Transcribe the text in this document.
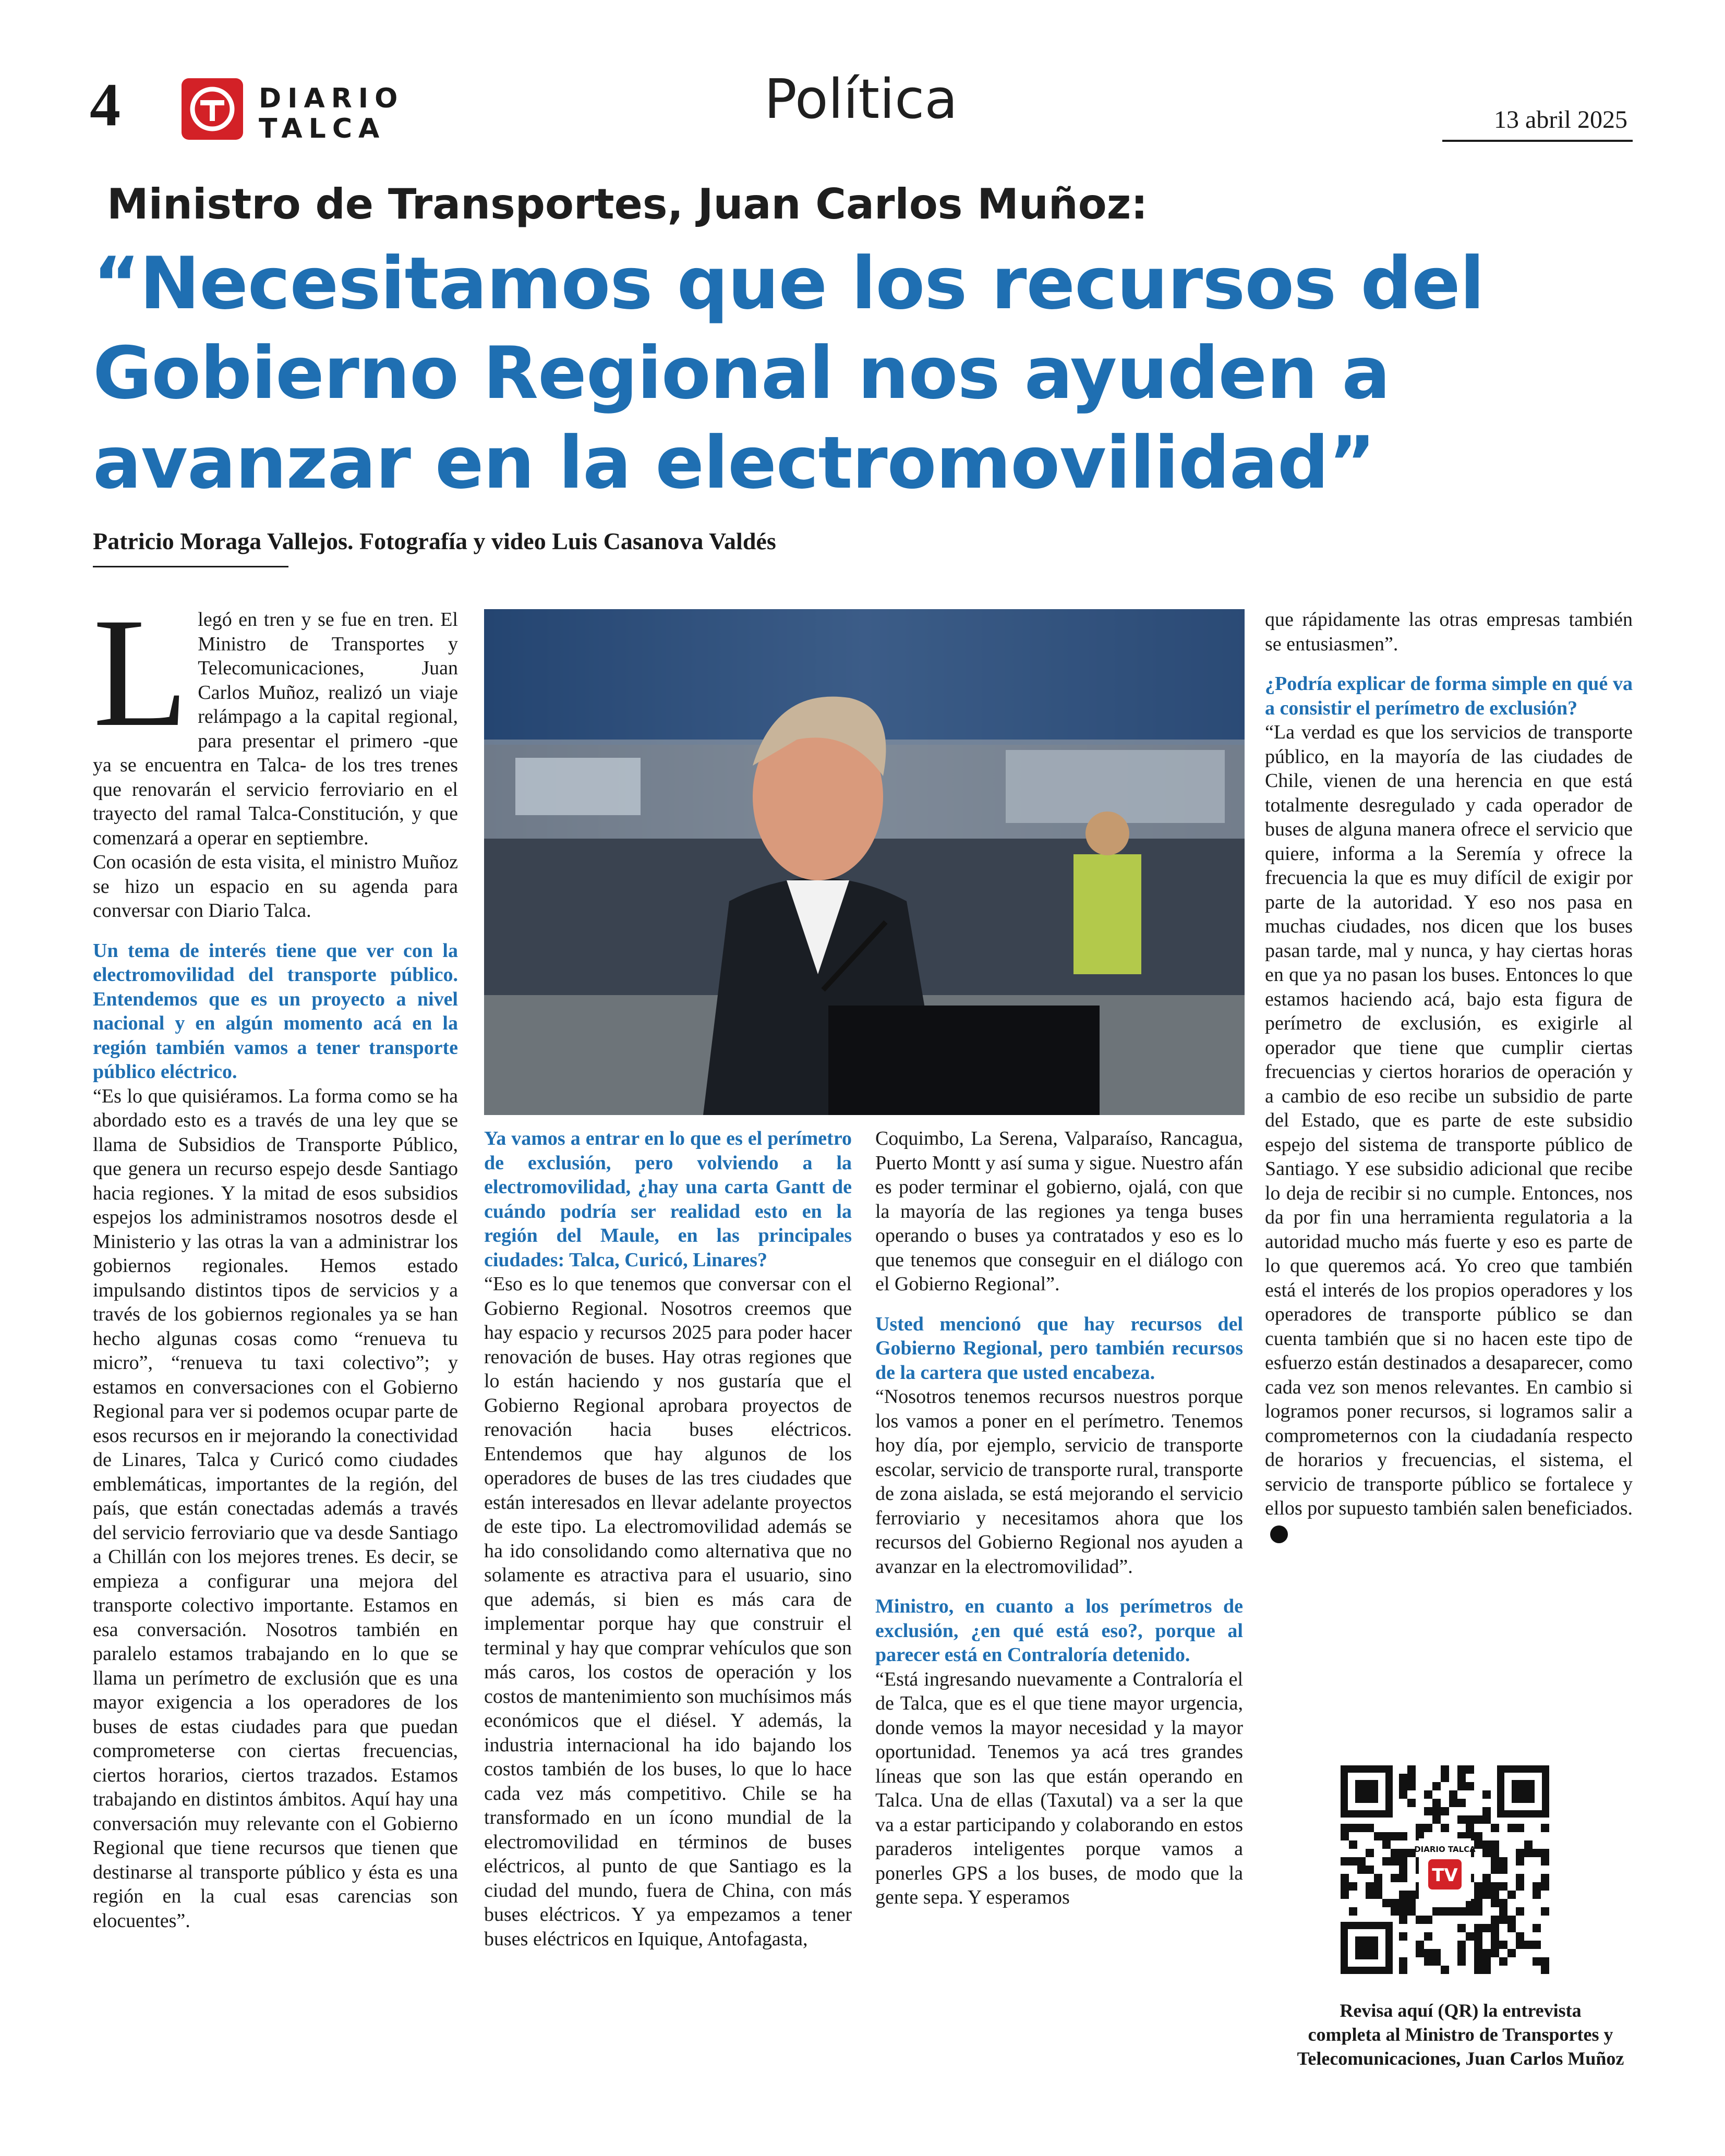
4	DIARIO
TALCA	Política	13 abril 2025
Ministro de Transportes, Juan Carlos Muñoz:
“Necesitamos que los recursos del
Gobierno Regional nos ayuden a
avanzar en la electromovilidad”
Patricio Moraga Vallejos. Fotografía y video Luis Casanova Valdés

Llegó en tren y se fue en tren. El Ministro de Transportes y Telecomunicaciones, Juan Carlos Muñoz, realizó un viaje relámpago a la capital regional, para presentar el primero -que ya se encuentra en Talca- de los tres trenes que renovarán el servicio ferroviario en el trayecto del ramal Talca-Constitución, y que comenzará a operar en septiembre.

Con ocasión de esta visita, el ministro Muñoz se hizo un espacio en su agenda para conversar con Diario Talca.

Un tema de interés tiene que ver con la electromovilidad del transporte público. Entendemos que es un proyecto a nivel nacional y en algún momento acá en la región también vamos a tener transporte público eléctrico.

“Es lo que quisiéramos. La forma como se ha abordado esto es a través de una ley que se llama de Subsidios de Transporte Público, que genera un recurso espejo desde Santiago hacia regiones. Y la mitad de esos subsidios espejos los administramos nosotros desde el Ministerio y las otras la van a administrar los gobiernos regionales. Hemos estado impulsando distintos tipos de servicios y a través de los gobiernos regionales ya se han hecho algunas cosas como “renueva tu micro”, “renueva tu taxi colectivo”; y estamos en conversaciones con el Gobierno Regional para ver si podemos ocupar parte de esos recursos en ir mejorando la conectividad de Linares, Talca y Curicó como ciudades emblemáticas, importantes de la región, del país, que están conectadas además a través del servicio ferroviario que va desde Santiago a Chillán con los mejores trenes. Es decir, se empieza a configurar una mejora del transporte colectivo importante. Estamos en esa conversación. Nosotros también en paralelo estamos trabajando en lo que se llama un perímetro de exclusión que es una mayor exigencia a los operadores de los buses de estas ciudades para que puedan comprometerse con ciertas frecuencias, ciertos horarios, ciertos trazados. Estamos trabajando en distintos ámbitos. Aquí hay una conversación muy relevante con el Gobierno Regional que tiene recursos que tienen que destinarse al transporte público y ésta es una región en la cual esas carencias son elocuentes”.

Ya vamos a entrar en lo que es el perímetro de exclusión, pero volviendo a la electromovilidad, ¿hay una carta Gantt de cuándo podría ser realidad esto en la región del Maule, en las principales ciudades: Talca, Curicó, Linares?

“Eso es lo que tenemos que conversar con el Gobierno Regional. Nosotros creemos que hay espacio y recursos 2025 para poder hacer renovación de buses. Hay otras regiones que lo están haciendo y nos gustaría que el Gobierno Regional aprobara proyectos de renovación hacia buses eléctricos. Entendemos que hay algunos de los operadores de buses de las tres ciudades que están interesados en llevar adelante proyectos de este tipo. La electromovilidad además se ha ido consolidando como alternativa que no solamente es atractiva para el usuario, sino que además, si bien es más cara de implementar porque hay que construir el terminal y hay que comprar vehículos que son más caros, los costos de operación y los costos de mantenimiento son muchísimos más económicos que el diésel. Y además, la industria internacional ha ido bajando los costos también de los buses, lo que lo hace cada vez más competitivo. Chile se ha transformado en un ícono mundial de la electromovilidad en términos de buses eléctricos, al punto de que Santiago es la ciudad del mundo, fuera de China, con más buses eléctricos. Y ya empezamos a tener buses eléctricos en Iquique, Antofagasta,

Coquimbo, La Serena, Valparaíso, Rancagua, Puerto Montt y así suma y sigue. Nuestro afán es poder terminar el gobierno, ojalá, con que la mayoría de las regiones ya tenga buses operando o buses ya contratados y eso es lo que tenemos que conseguir en el diálogo con el Gobierno Regional”.

Usted mencionó que hay recursos del Gobierno Regional, pero también recursos de la cartera que usted encabeza.

“Nosotros tenemos recursos nuestros porque los vamos a poner en el perímetro. Tenemos hoy día, por ejemplo, servicio de transporte escolar, servicio de transporte rural, transporte de zona aislada, se está mejorando el servicio ferroviario y necesitamos ahora que los recursos del Gobierno Regional nos ayuden a avanzar en la electromovilidad”.

Ministro, en cuanto a los perímetros de exclusión, ¿en qué está eso?, porque al parecer está en Contraloría detenido.

“Está ingresando nuevamente a Contraloría el de Talca, que es el que tiene mayor urgencia, donde vemos la mayor necesidad y la mayor oportunidad. Tenemos ya acá tres grandes líneas que son las que están operando en Talca. Una de ellas (Taxutal) va a ser la que va a estar participando y colaborando en estos paraderos inteligentes porque vamos a ponerles GPS a los buses, de modo que la gente sepa. Y esperamos

que rápidamente las otras empresas también se entusiasmen”.

¿Podría explicar de forma simple en qué va a consistir el perímetro de exclusión?

“La verdad es que los servicios de transporte público, en la mayoría de las ciudades de Chile, vienen de una herencia en que está totalmente desregulado y cada operador de buses de alguna manera ofrece el servicio que quiere, informa a la Seremía y ofrece la frecuencia la que es muy difícil de exigir por parte de la autoridad. Y eso nos pasa en muchas ciudades, nos dicen que los buses pasan tarde, mal y nunca, y hay ciertas horas en que ya no pasan los buses. Entonces lo que estamos haciendo acá, bajo esta figura de perímetro de exclusión, es exigirle al operador que tiene que cumplir ciertas frecuencias y ciertos horarios de operación y a cambio de eso recibe un subsidio de parte del Estado, que es parte de este subsidio espejo del sistema de transporte público de Santiago. Y ese subsidio adicional que recibe lo deja de recibir si no cumple. Entonces, nos da por fin una herramienta regulatoria a la autoridad mucho más fuerte y eso es parte de lo que queremos acá. Yo creo que también está el interés de los propios operadores y los operadores de transporte público se dan cuenta también que si no hacen este tipo de esfuerzo están destinados a desaparecer, como cada vez son menos relevantes. En cambio si logramos poner recursos, si logramos salir a comprometernos con la ciudadanía respecto de horarios y frecuencias, el sistema, el servicio de transporte público se fortalece y ellos por supuesto también salen beneficiados.

DIARIO TALCA
TV
Revisa aquí (QR) la entrevista
completa al Ministro de Transportes y
Telecomunicaciones, Juan Carlos Muñoz
